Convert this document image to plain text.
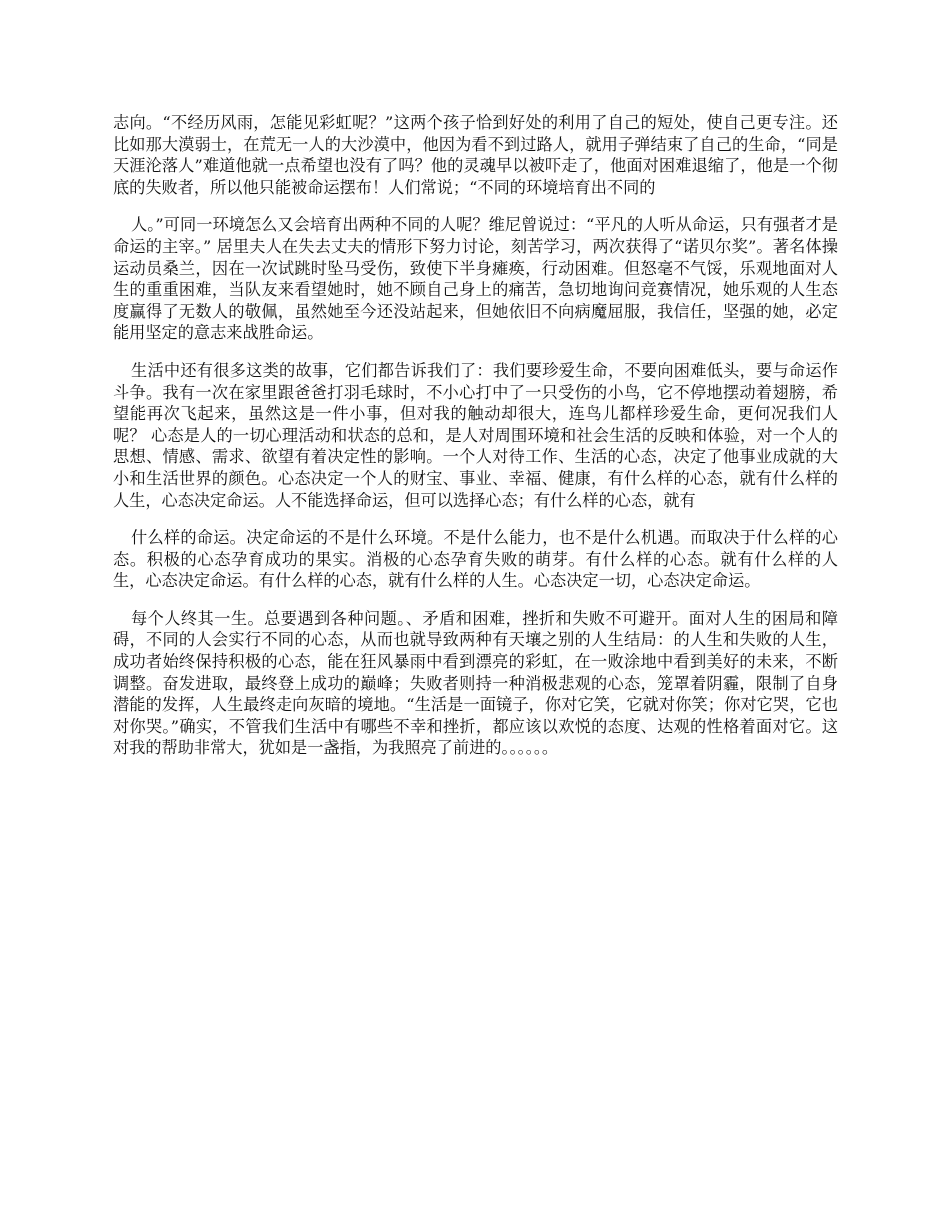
志向。“不经历风雨，怎能见彩虹呢？”这两个孩子恰到好处的利用了自己的短处，使自己更专注。还比如那大漠弱士，在荒无一人的大沙漠中，他因为看不到过路人，就用子弹结束了自己的生命，“同是天涯沦落人”难道他就一点希望也没有了吗？他的灵魂早以被吓走了，他面对困难退缩了，他是一个彻底的失败者，所以他只能被命运摆布！人们常说；“不同的环境培育出不同的

人。”可同一环境怎么又会培育出两种不同的人呢？维尼曾说过：“平凡的人听从命运，只有强者才是命运的主宰。” 居里夫人在失去丈夫的情形下努力讨论，刻苦学习，两次获得了“诺贝尔奖”。著名体操运动员桑兰，因在一次试跳时坠马受伤，致使下半身瘫痪，行动困难。但怒毫不气馁，乐观地面对人生的重重困难，当队友来看望她时，她不顾自己身上的痛苦，急切地询问竞赛情况，她乐观的人生态度赢得了无数人的敬佩，虽然她至今还没站起来，但她依旧不向病魔屈服，我信任，坚强的她，必定能用坚定的意志来战胜命运。

生活中还有很多这类的故事，它们都告诉我们了：我们要珍爱生命，不要向困难低头，要与命运作斗争。我有一次在家里跟爸爸打羽毛球时，不小心打中了一只受伤的小鸟，它不停地摆动着翅膀，希望能再次飞起来，虽然这是一件小事，但对我的触动却很大，连鸟儿都样珍爱生命，更何况我们人呢？ 心态是人的一切心理活动和状态的总和，是人对周围环境和社会生活的反映和体验，对一个人的思想、情感、需求、欲望有着决定性的影响。一个人对待工作、生活的心态，决定了他事业成就的大小和生活世界的颜色。心态决定一个人的财宝、事业、幸福、健康，有什么样的心态，就有什么样的人生，心态决定命运。人不能选择命运，但可以选择心态；有什么样的心态，就有

什么样的命运。决定命运的不是什么环境。不是什么能力，也不是什么机遇。而取决于什么样的心态。积极的心态孕育成功的果实。消极的心态孕育失败的萌芽。有什么样的心态。就有什么样的人生，心态决定命运。有什么样的心态，就有什么样的人生。心态决定一切，心态决定命运。

每个人终其一生。总要遇到各种问题。、矛盾和困难，挫折和失败不可避开。面对人生的困局和障碍，不同的人会实行不同的心态，从而也就导致两种有天壤之别的人生结局：的人生和失败的人生，成功者始终保持积极的心态，能在狂风暴雨中看到漂亮的彩虹，在一败涂地中看到美好的未来，不断调整。奋发进取，最终登上成功的巅峰；失败者则持一种消极悲观的心态，笼罩着阴霾，限制了自身潜能的发挥，人生最终走向灰暗的境地。“生活是一面镜子，你对它笑，它就对你笑；你对它哭，它也对你哭。”确实，不管我们生活中有哪些不幸和挫折，都应该以欢悦的态度、达观的性格着面对它。这对我的帮助非常大，犹如是一盏指，为我照亮了前进的。。。。。。
